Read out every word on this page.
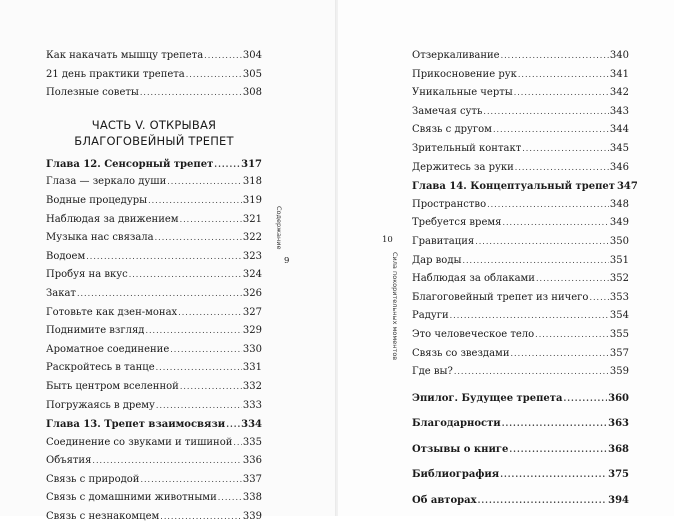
Как накачать мышцу трепета .....	304
21 день практики трепета .....	305
Полезные советы .....	308
ЧАСТЬ V. ОТКРЫВАЯ
БЛАГОГОВЕЙНЫЙ ТРЕПЕТ
Глава 12. Сенсорный трепет .....	317
Глаза — зеркало души .....	318
Водные процедуры .....	319
Наблюдая за движением .....	321
Музыка нас связала .....	322
Водоем .....	323
Пробуя на вкус .....	324
Закат .....	326
Готовьте как дзен-монах .....	327
Поднимите взгляд .....	329
Ароматное соединение .....	330
Раскройтесь в танце .....	331
Быть центром вселенной .....	332
Погружаясь в дрему .....	333
Глава 13. Трепет взаимосвязи ..... 334
Соединение со звуками и тишиной ..... 335
Объятия .....	336
Связь с природой .....	337
Связь с домашними животными .....	338
Связь с незнакомцем .....	339
Содержание
9
10
Сила покорительных моментов
Отзеркаливание .....	340
Прикосновение рук .....	341
Уникальные черты .....	342
Замечая суть .....	343
Связь с другом .....	344
Зрительный контакт .....	345
Держитесь за руки .....	346
Глава 14. Концептуальный трепет 347
Пространство .....	348
Требуется время .....	349
Гравитация .....	350
Дар воды .....	351
Наблюдая за облаками .....	352
Благоговейный трепет из ничего ..... 353
Радуги .....	354
Это человеческое тело .....	355
Связь со звездами .....	357
Где вы? .....	359
Эпилог. Будущее трепета .....	360
Благодарности .....	363
Отзывы о книге .....	368
Библиография .....	375
Об авторах .....	394
